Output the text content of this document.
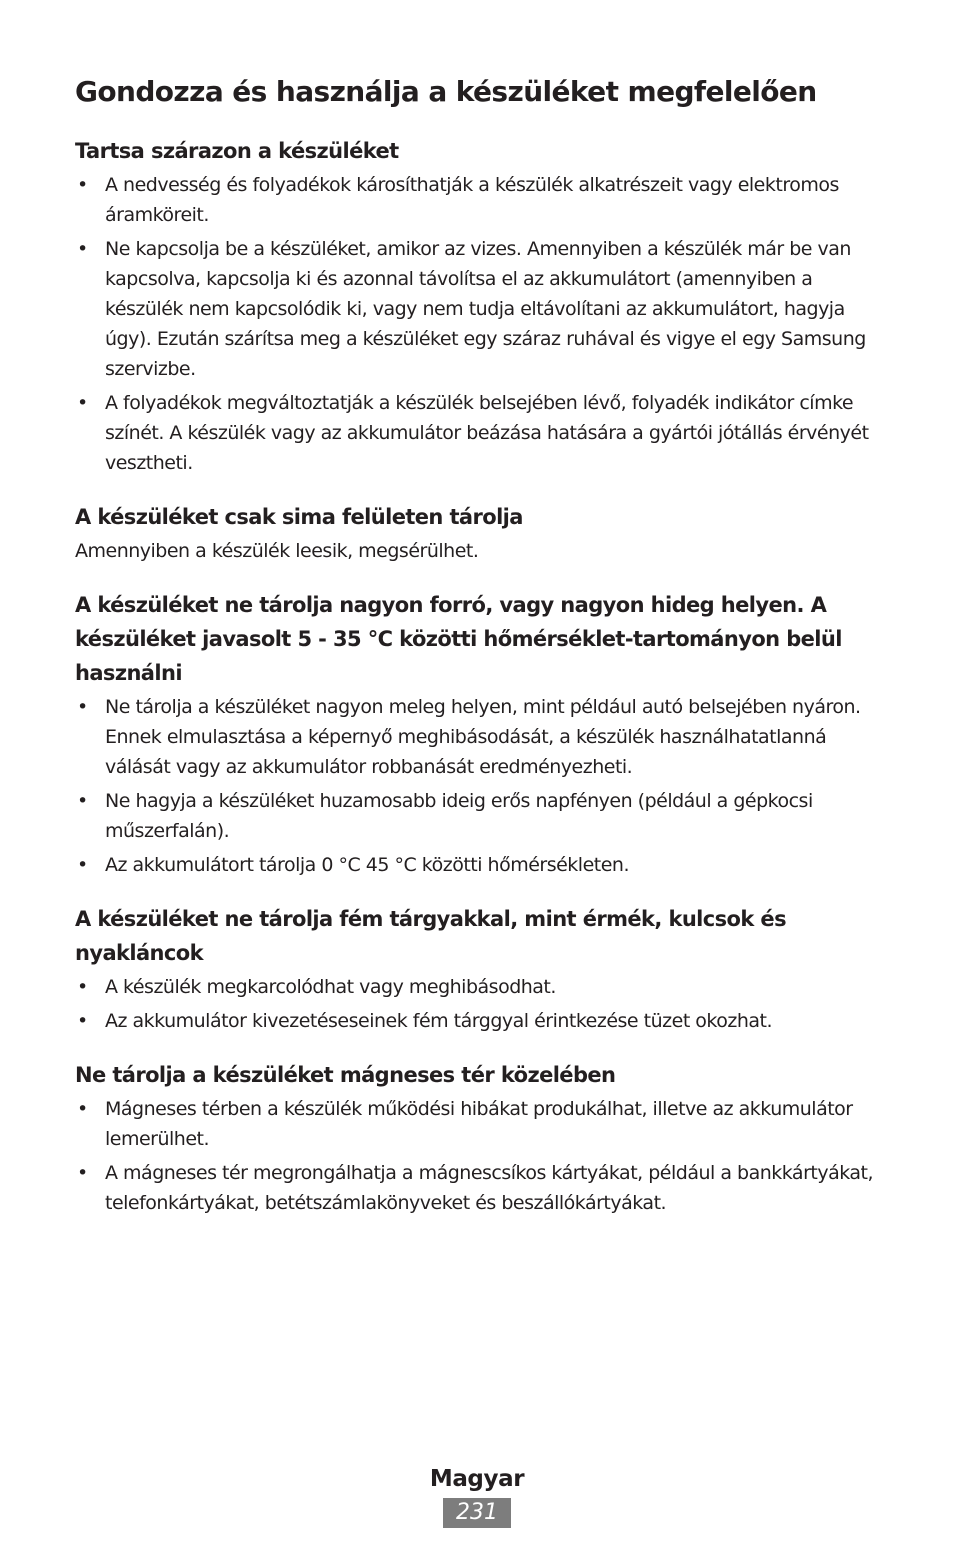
Gondozza és használja a készüléket megfelelően
Tartsa szárazon a készüléket
• A nedvesség és folyadékok károsíthatják a készülék alkatrészeit vagy elektromos áramköreit.
• Ne kapcsolja be a készüléket, amikor az vizes. Amennyiben a készülék már be van kapcsolva, kapcsolja ki és azonnal távolítsa el az akkumulátort (amennyiben a készülék nem kapcsolódik ki, vagy nem tudja eltávolítani az akkumulátort, hagyja úgy). Ezután szárítsa meg a készüléket egy száraz ruhával és vigye el egy Samsung szervizbe.
• A folyadékok megváltoztatják a készülék belsejében lévő, folyadék indikátor címke színét. A készülék vagy az akkumulátor beázása hatására a gyártói jótállás érvényét vesztheti.
A készüléket csak sima felületen tárolja

Amennyiben a készülék leesik, megsérülhet.

A készüléket ne tárolja nagyon forró, vagy nagyon hideg helyen. A készüléket javasolt 5 - 35 °C közötti hőmérséklet-tartományon belül használni
• Ne tárolja a készüléket nagyon meleg helyen, mint például autó belsejében nyáron. Ennek elmulasztása a képernyő meghibásodását, a készülék használhatatlanná válását vagy az akkumulátor robbanását eredményezheti.
• Ne hagyja a készüléket huzamosabb ideig erős napfényen (például a gépkocsi műszerfalán).
• Az akkumulátort tárolja 0 °C 45 °C közötti hőmérsékleten.
A készüléket ne tárolja fém tárgyakkal, mint érmék, kulcsok és nyakláncok
• A készülék megkarcolódhat vagy meghibásodhat.
• Az akkumulátor kivezetéseseinek fém tárggyal érintkezése tüzet okozhat.
Ne tárolja a készüléket mágneses tér közelében
• Mágneses térben a készülék működési hibákat produkálhat, illetve az akkumulátor lemerülhet.
• A mágneses tér megrongálhatja a mágnescsíkos kártyákat, például a bankkártyákat, telefonkártyákat, betétszámlakönyveket és beszállókártyákat.
Magyar
231
